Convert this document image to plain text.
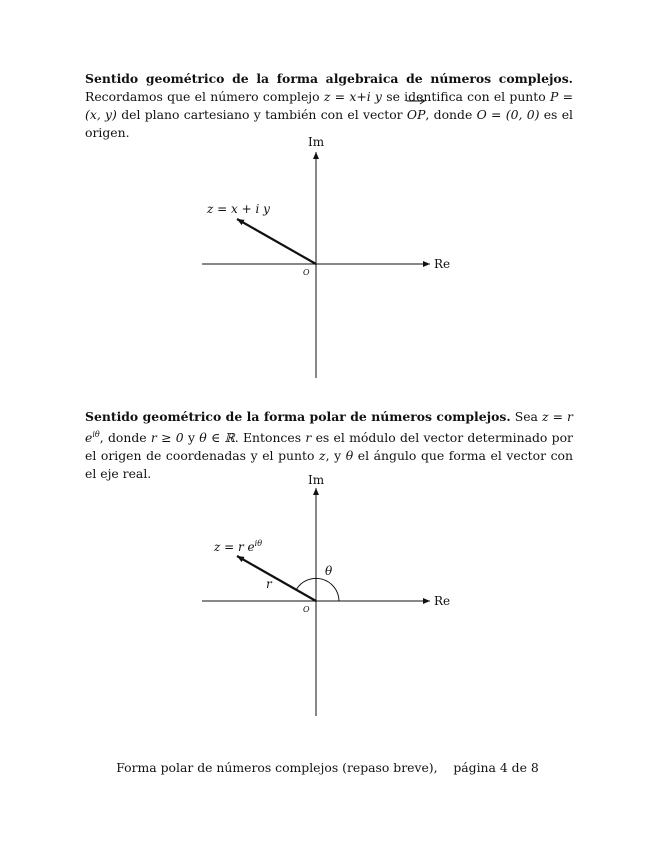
Sentido geométrico de la forma algebraica de números complejos. Recordamos que el número complejo z = x+i y se identifica con el punto P = (x, y) del plano cartesiano y también con el vector
OP, donde O = (0, 0) es el origen.

Im
Re
O
z = x + i y

Sentido geométrico de la forma polar de números complejos. Sea z = r $e^{i\theta}$, donde r ≥ 0 y θ ∈ ℝ. Entonces r es el módulo del vector determinado por el origen de coordenadas y el punto z, y θ el ángulo que forma el vector con el eje real.	Im
Re
O
z = r $e^{i\theta}$
r
θ
Forma polar de números complejos (repaso breve),    página 4 de 8
